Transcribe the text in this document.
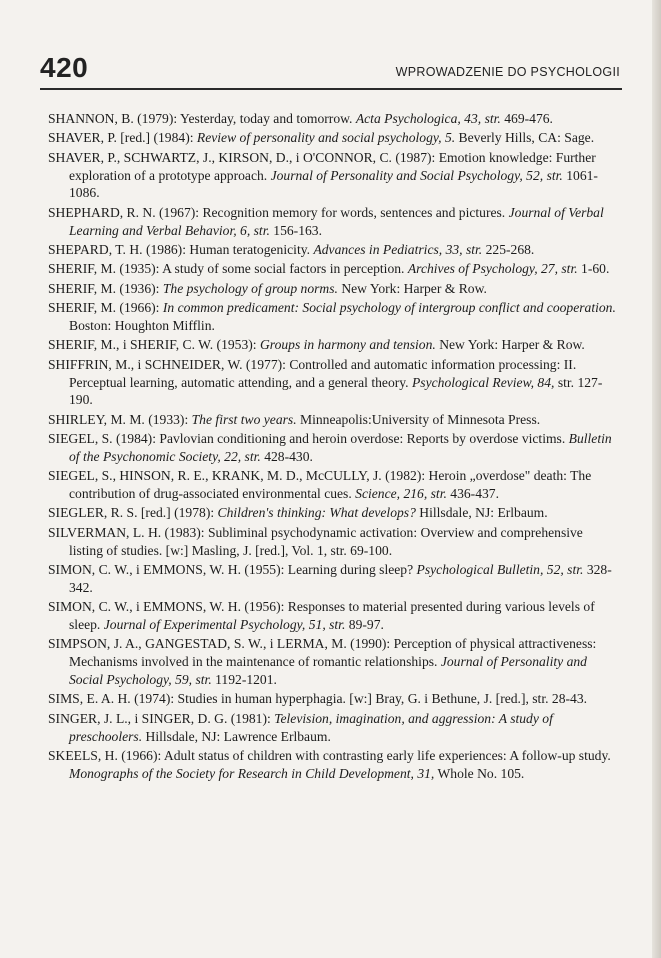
420	WPROWADZENIE DO PSYCHOLOGII

SHANNON, B. (1979): Yesterday, today and tomorrow. Acta Psychologica, 43, str. 469-476.

SHAVER, P. [red.] (1984): Review of personality and social psychology, 5. Beverly Hills, CA: Sage.

SHAVER, P., SCHWARTZ, J., KIRSON, D., i O'CONNOR, C. (1987): Emotion knowledge: Further exploration of a prototype approach. Journal of Personality and Social Psychology, 52, str. 1061-1086.

SHEPHARD, R. N. (1967): Recognition memory for words, sentences and pictures. Journal of Verbal Learning and Verbal Behavior, 6, str. 156-163.

SHEPARD, T. H. (1986): Human teratogenicity. Advances in Pediatrics, 33, str. 225-268.

SHERIF, M. (1935): A study of some social factors in perception. Archives of Psychology, 27, str. 1-60.

SHERIF, M. (1936): The psychology of group norms. New York: Harper & Row.

SHERIF, M. (1966): In common predicament: Social psychology of intergroup conflict and cooperation. Boston: Houghton Mifflin.

SHERIF, M., i SHERIF, C. W. (1953): Groups in harmony and tension. New York: Harper & Row.

SHIFFRIN, M., i SCHNEIDER, W. (1977): Controlled and automatic information processing: II. Perceptual learning, automatic attending, and a general theory. Psychological Review, 84, str. 127-190.

SHIRLEY, M. M. (1933): The first two years. Minneapolis:University of Minnesota Press.

SIEGEL, S. (1984): Pavlovian conditioning and heroin overdose: Reports by overdose victims. Bulletin of the Psychonomic Society, 22, str. 428-430.

SIEGEL, S., HINSON, R. E., KRANK, M. D., McCULLY, J. (1982): Heroin „overdose" death: The contribution of drug-associated environmental cues. Science, 216, str. 436-437.

SIEGLER, R. S. [red.] (1978): Children's thinking: What develops? Hillsdale, NJ: Erlbaum.

SILVERMAN, L. H. (1983): Subliminal psychodynamic activation: Overview and comprehensive listing of studies. [w:] Masling, J. [red.], Vol. 1, str. 69-100.

SIMON, C. W., i EMMONS, W. H. (1955): Learning during sleep? Psychological Bulletin, 52, str. 328-342.

SIMON, C. W., i EMMONS, W. H. (1956): Responses to material presented during various levels of sleep. Journal of Experimental Psychology, 51, str. 89-97.

SIMPSON, J. A., GANGESTAD, S. W., i LERMA, M. (1990): Perception of physical attractiveness: Mechanisms involved in the maintenance of romantic relationships. Journal of Personality and Social Psychology, 59, str. 1192-1201.

SIMS, E. A. H. (1974): Studies in human hyperphagia. [w:] Bray, G. i Bethune, J. [red.], str. 28-43.

SINGER, J. L., i SINGER, D. G. (1981): Television, imagination, and aggression: A study of preschoolers. Hillsdale, NJ: Lawrence Erlbaum.

SKEELS, H. (1966): Adult status of children with contrasting early life experiences: A follow-up study. Monographs of the Society for Research in Child Development, 31, Whole No. 105.
